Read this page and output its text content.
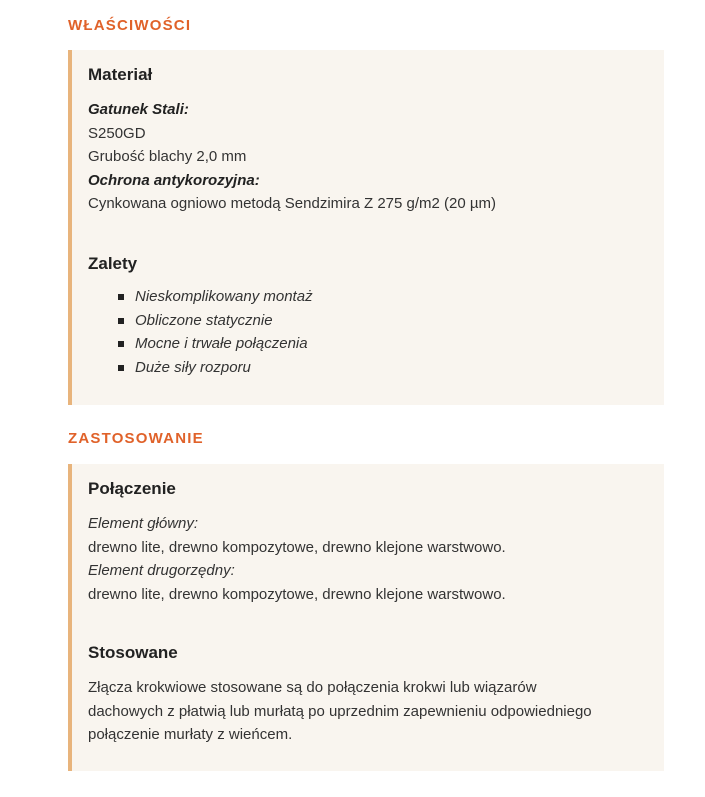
WŁAŚCIWOŚCI
Materiał

Gatunek Stali:

S250GD

Grubość blachy 2,0 mm

Ochrona antykorozyjna:

Cynkowana ogniowo metodą Sendzimira Z 275 g/m2 (20 µm)

Zalety
Nieskomplikowany montaż
Obliczone statycznie
Mocne i trwałe połączenia
Duże siły rozporu
ZASTOSOWANIE
Połączenie

Element główny:

drewno lite, drewno kompozytowe, drewno klejone warstwowo.

Element drugorzędny:

drewno lite, drewno kompozytowe, drewno klejone warstwowo.

Stosowane

Złącza krokwiowe stosowane są do połączenia krokwi lub wiązarów

dachowych z płatwią lub murłatą po uprzednim zapewnieniu odpowiedniego

połączenie murłaty z wieńcem.
